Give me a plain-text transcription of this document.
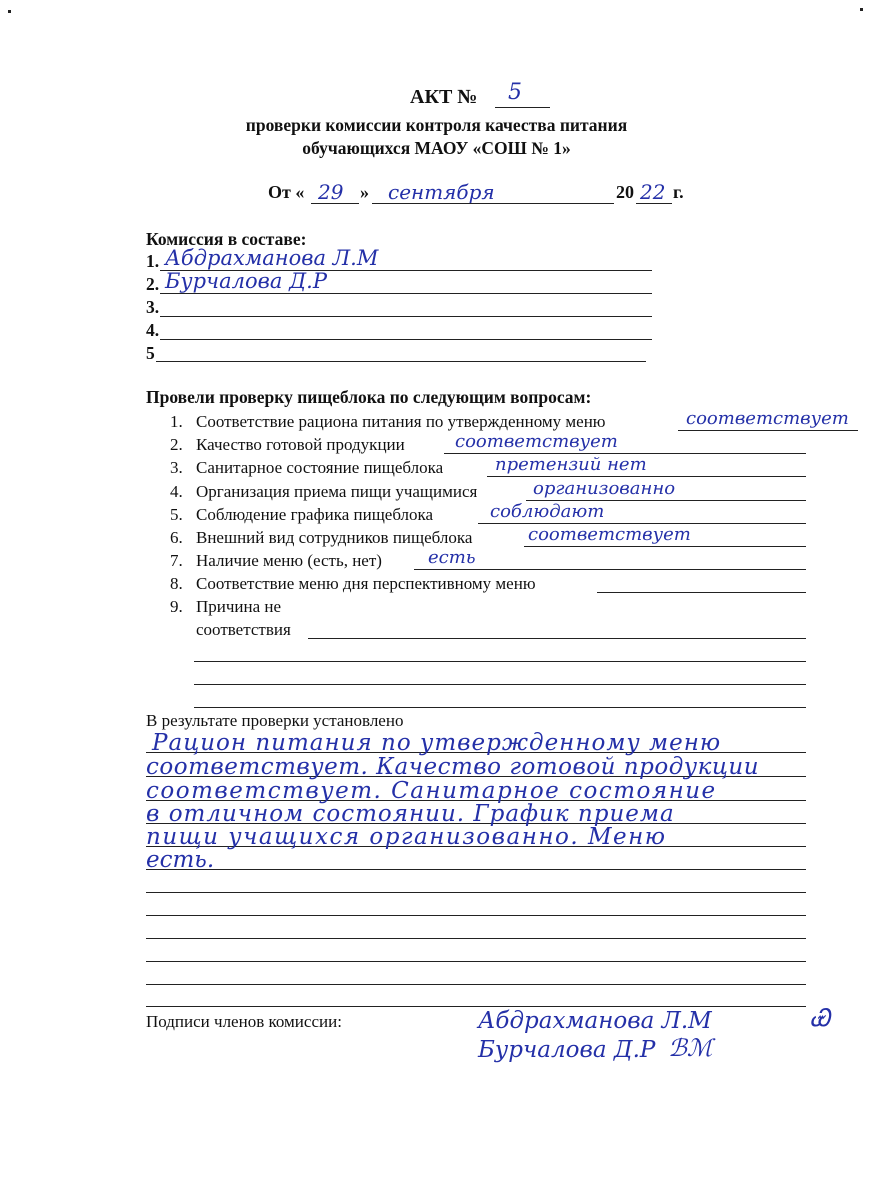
АКТ № 5
проверки комиссии контроля качества питания
обучающихся МАОУ «СОШ № 1»
От « 29 » сентября	20 22 г.
Комиссия в составе:
1. Абдрахманова Л.М
2. Бурчалова Д.Р
3.
4.
5
Провели проверку пищеблока по следующим вопросам:
1. Соответствие рациона питания по утвержденному меню	соответствует
2. Качество готовой продукции	соответствует
3. Санитарное состояние пищеблока	претензий нет
4. Организация приема пищи учащимися	организованно
5. Соблюдение графика пищеблока	соблюдают
6. Внешний вид сотрудников пищеблока	соответствует
7. Наличие меню (есть, нет)	есть
8. Соответствие меню дня перспективному меню
9. Причина не
соответствия
В результате проверки установлено
Рацион питания по утвержденному меню
соответствует. Качество готовой продукции
соответствует. Санитарное состояние
в отличном состоянии. График приема
пищи учащихся организованно. Меню
есть.
Подписи членов комиссии:	Абдрахманова Л.М	Ꮿ
Бурчалова Д.Р ℬℳ
